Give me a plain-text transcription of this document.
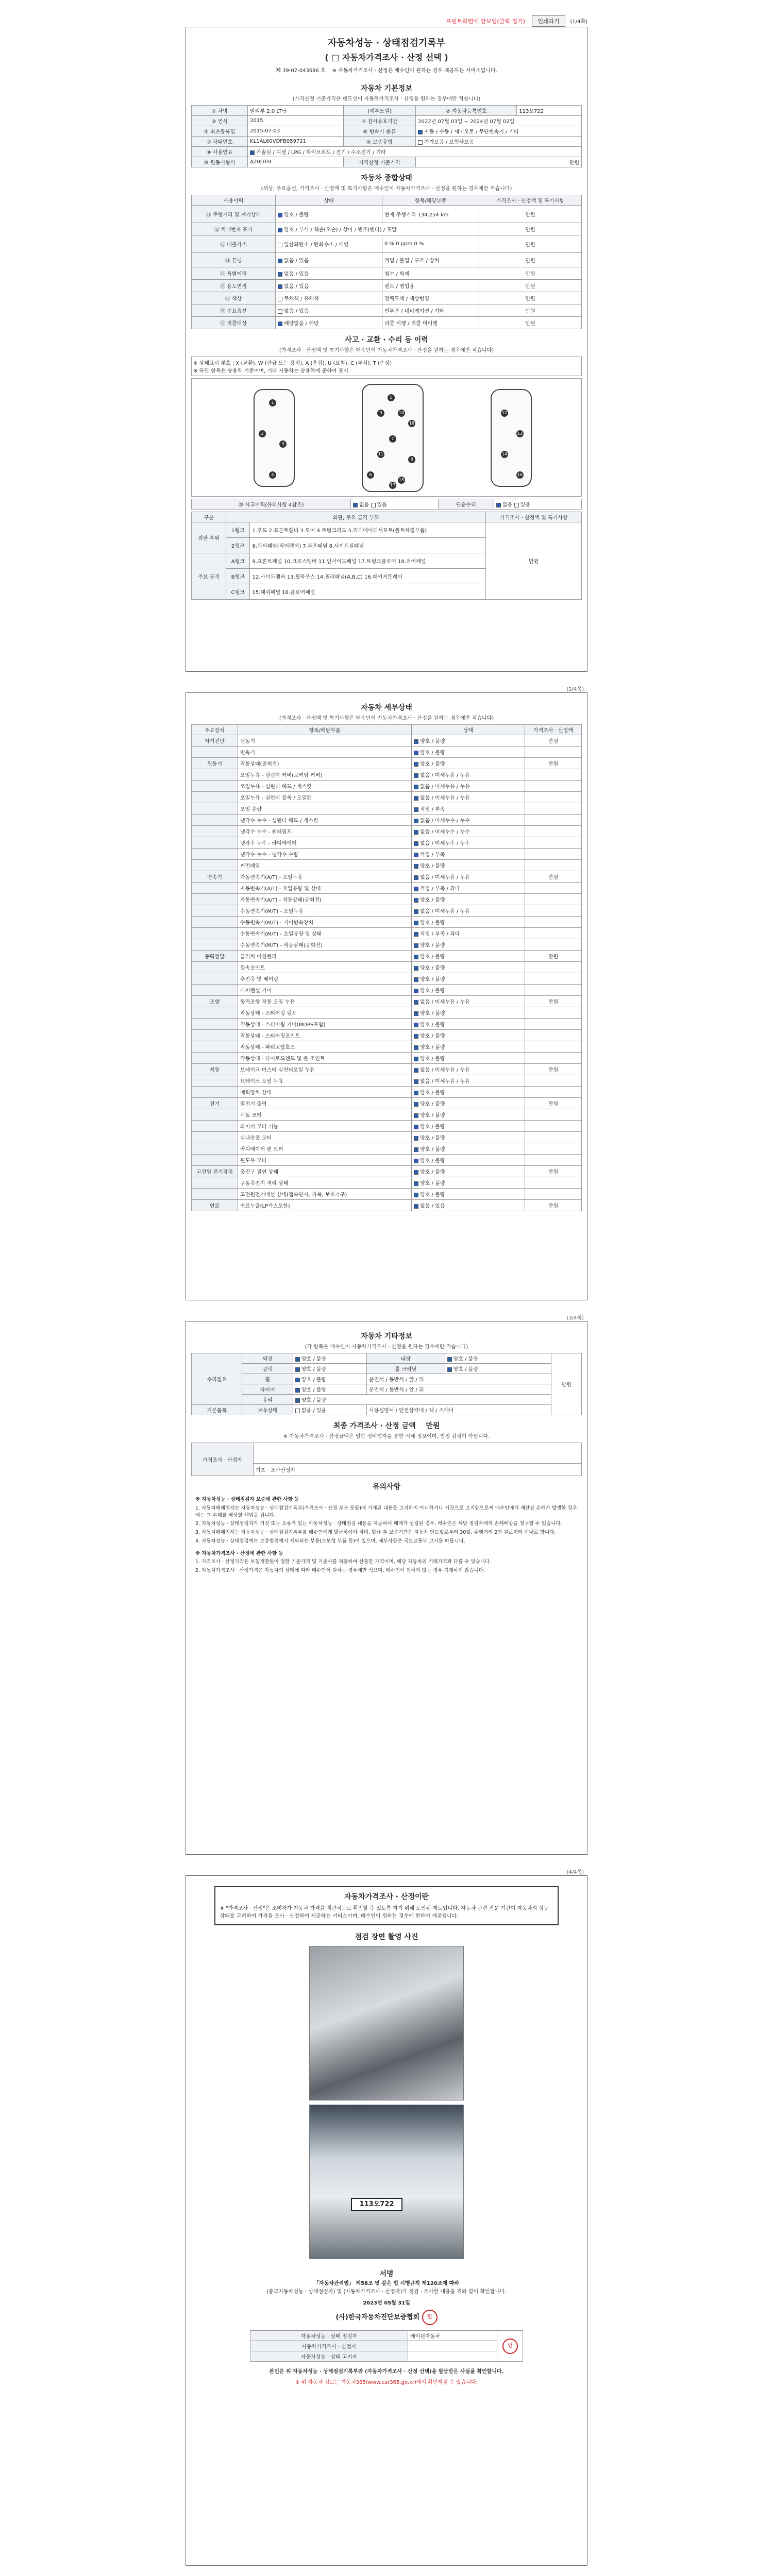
프린트화면에 안보임(클릭 접기) 인쇄하기 (1/4쪽)
자동차성능 · 상태점검기록부
( □ 자동차가격조사 · 산정 선택 )
제 39-07-043686 호 ※ 자동차가격조사 · 산정은 매수인이 원하는 경우 제공하는 서비스입니다.
자동차 기본정보
(가격산정 기준가격은 매도인이 자동차가격조사 · 산정을 원하는 경우에만 적습니다)
① 차명	말리부 2.0 LT급	(세부모델)	② 자동차등록번호	113오722
③ 연식	2015	④ 검사유효기간	2022년 07월 03일 ~ 2024년 07월 02일	
⑤ 최초등록일	2015-07-03	⑥ 변속기 종류	자동 / 수동 / 세미오토 / 무단변속기 / 기타	
⑦ 차대번호	KL1AL60VDFB059721	⑧ 보증유형	자가보증 / 보험사보증	
⑨ 사용연료	가솔린 / 디젤 / LPG / 하이브리드 / 전기 / 수소전기 / 기타			
⑩ 원동기형식	A20DTH	가격산정 기준가격	만원	
자동차 종합상태
(색상, 주요옵션, 가격조사 · 산정액 및 특기사항은 매수인이 자동차가격조사 · 산정을 원하는 경우에만 적습니다)
사용이력	상태	항목/해당부품	가격조사 · 산정액 및 특기사항
⑪ 주행거리 및 계기상태	양호 / 불량	현재 주행거리 134,254 km	만원
⑫ 차대번호 표기	양호 / 부식 / 훼손(오손) / 상이 / 변조(변타) / 도말		만원
⑬ 배출가스	일산화탄소 / 탄화수소 / 매연	0 % 0 ppm 0 %	만원
⑭ 튜닝	없음 / 있음	적법 / 불법 / 구조 / 장치	만원
⑮ 특별이력	없음 / 있음	침수 / 화재	만원
⑯ 용도변경	없음 / 있음	렌트 / 영업용	만원
⑰ 색상	무채색 / 유채색	전체도색 / 색상변경	만원
⑱ 주요옵션	없음 / 있음	썬루프 / 네비게이션 / 기타	만원
⑲ 리콜대상	해당없음 / 해당	리콜 이행 / 리콜 미이행	만원
사고 · 교환 · 수리 등 이력
(가격조사 · 산정액 및 특기사항은 매수인이 자동차가격조사 · 산정을 원하는 경우에만 적습니다)
※ 상태표시 부호 : X (교환), W (판금 또는 용접), A (흠집), U (요철), C (부식), T (손상)
※ 하단 항목은 승용차 기준이며, 기타 자동차는 승용차에 준하여 표시
1
2
3
4
5
6
7
8
9	10
11
12
13
14
15
16
17
18
⑳ 사고이력(유의사항 4참조)	없음 있음	단순수리	없음 있음
구분	외판, 주요 골격 부위		가격조사 · 산정액 및 특기사항
외판 부위	1랭크	1.후드 2.프론트휀더 3.도어 4.트렁크리드 5.라디에이터서포트(볼트체결부품)	만원
	2랭크	6.쿼터패널(리어펜더) 7.루프패널 8.사이드실패널	
주요 골격	A랭크	9.프론트패널 10.크로스멤버 11.인사이드패널 17.트렁크플로어 18.리어패널	
	B랭크	12.사이드멤버 13.휠하우스 14.필러패널(A,B,C) 16.패키지트레이	
	C랭크	15.대쉬패널 16.플로어패널	
(2/4쪽)
자동차 세부상태
(가격조사 · 산정액 및 특기사항은 매수인이 자동차가격조사 · 산정을 원하는 경우에만 적습니다)
주요장치	항목/해당부품	상태	가격조사 · 산정액
자기진단	원동기	양호 / 불량	만원
	변속기	양호 / 불량	
원동기	작동상태(공회전)	양호 / 불량	만원
	오일누유 - 실린더 커버(로커암 커버)	없음 / 미세누유 / 누유	
	오일누유 - 실린더 헤드 / 개스킷	없음 / 미세누유 / 누유	
	오일누유 - 실린더 블록 / 오일팬	없음 / 미세누유 / 누유	
	오일 유량	적정 / 부족	
	냉각수 누수 - 실린더 헤드 / 개스킷	없음 / 미세누수 / 누수	
	냉각수 누수 - 워터펌프	없음 / 미세누수 / 누수	
	냉각수 누수 - 라디에이터	없음 / 미세누수 / 누수	
	냉각수 누수 - 냉각수 수량	적정 / 부족	
	커먼레일	양호 / 불량	
변속기	자동변속기(A/T) - 오일누유	없음 / 미세누유 / 누유	만원
	자동변속기(A/T) - 오일유량 및 상태	적정 / 부족 / 과다	
	자동변속기(A/T) - 작동상태(공회전)	양호 / 불량	
	수동변속기(M/T) - 오일누유	없음 / 미세누유 / 누유	
	수동변속기(M/T) - 기어변속장치	양호 / 불량	
	수동변속기(M/T) - 오일유량 및 상태	적정 / 부족 / 과다	
	수동변속기(M/T) - 작동상태(공회전)	양호 / 불량	
동력전달	클러치 어셈블리	양호 / 불량	만원
	등속조인트	양호 / 불량	
	추진축 및 베어링	양호 / 불량	
	디퍼렌셜 기어	양호 / 불량	
조향	동력조향 작동 오일 누유	없음 / 미세누유 / 누유	만원
	작동상태 - 스티어링 펌프	양호 / 불량	
	작동상태 - 스티어링 기어(MDPS포함)	양호 / 불량	
	작동상태 - 스티어링조인트	양호 / 불량	
	작동상태 - 파워고압호스	양호 / 불량	
	작동상태 - 타이로드엔드 및 볼 조인트	양호 / 불량	
제동	브레이크 마스터 실린더오일 누유	없음 / 미세누유 / 누유	만원
	브레이크 오일 누유	없음 / 미세누유 / 누유	
	배력장치 상태	양호 / 불량	
전기	발전기 출력	양호 / 불량	만원
	시동 모터	양호 / 불량	
	와이퍼 모터 기능	양호 / 불량	
	실내송풍 모터	양호 / 불량	
	라디에이터 팬 모터	양호 / 불량	
	윈도우 모터	양호 / 불량	
고전원 전기장치	충전구 절연 상태	양호 / 불량	만원
	구동축전지 격리 상태	양호 / 불량	
	고전원전기배선 상태(접속단자, 피복, 보호기구)	양호 / 불량	
연료	연료누출(LP가스포함)	없음 / 있음	만원
(3/4쪽)
자동차 기타정보
(각 항목은 매수인이 자동차가격조사 · 산정을 원하는 경우에만 적습니다)
수리필요	외장	양호 / 불량	내장	양호 / 불량	만원
	광택	양호 / 불량	룸 크리닝	양호 / 불량	
	휠	양호 / 불량	운전석 / 동반석 / 앞 / 뒤		
	타이어	양호 / 불량	운전석 / 동반석 / 앞 / 뒤		
	유리	양호 / 불량			
기본품목	보유상태	없음 / 있음	사용설명서 / 안전삼각대 / 잭 / 스패너		
최종 가격조사 · 산정 금액 만원
※ 자동차가격조사 · 산정금액은 일반 정비업자를 통한 시세 정보이며, 법정 감정이 아닙니다.
가격조사 · 산정자	
기초 · 조사산정자
유의사항

※ 자동차성능 · 상태점검자 보증에 관한 사항 등

1. 자동차매매업자는 자동차성능 · 상태점검기록부(가격조사 · 산정 부분 포함)에 기재된 내용을 고지하지 아니하거나 거짓으로 고지함으로써 매수인에게 재산상 손해가 발생한 경우에는 그 손해를 배상할 책임을 집니다.

2. 자동차성능 · 상태점검자가 거짓 또는 오류가 있는 자동차성능 · 상태점검 내용을 제공하여 매매가 성립된 경우, 매수인은 해당 점검자에게 손해배상을 청구할 수 있습니다.

3. 자동차매매업자는 자동차성능 · 상태점검기록부를 매수인에게 발급하여야 하며, 발급 후 보증기간은 자동차 인도일로부터 30일, 주행거리 2천 킬로미터 이내로 합니다.

4. 자동차성능 · 상태점검에는 보증범위에서 제외되는 부품(소모성 부품 등)이 있으며, 세부사항은 국토교통부 고시를 따릅니다.

※ 자동차가격조사 · 산정에 관한 사항 등

1. 가격조사 · 산정가격은 보험개발원이 정한 기준가격 및 기준서를 적용하여 산출한 가격이며, 해당 자동차의 거래가격과 다를 수 있습니다.

2. 자동차가격조사 · 산정가격은 자동차의 상태에 따라 매수인이 원하는 경우에만 적으며, 매수인이 원하지 않는 경우 기재하지 않습니다.

(4/4쪽)
자동차가격조사 · 산정이란
※ "가격조사 · 산정"은 소비자가 자동차 가격을 객관적으로 확인할 수 있도록 하기 위해 도입된 제도입니다. 자동차 관련 전문 기관이 자동차의 성능 상태를 고려하여 가격을 조사 · 산정하여 제공하는 서비스이며, 매수인이 원하는 경우에 한하여 제공됩니다.
점검 장면 촬영 사진
113오722
서명
「자동차관리법」 제58조 및 같은 법 시행규칙 제120조에 따라
(중고자동차성능 · 상태점검자) 및 (자동차가격조사 · 산정자)가 점검 · 조사한 내용을 위와 같이 확인합니다.
2023년 05월 31일
(사)한국자동차진단보증협회 인
자동차성능 · 상태 점검자	에이원자동차	인
자동차가격조사 · 산정자		
자동차성능 · 상태 고지자		
본인은 위 자동차성능 · 상태점검기록부와 (자동차가격조사 · 산정 선택)을 발급받은 사실을 확인합니다.
※ 위 자동차 정보는 자동차365(www.car365.go.kr)에서 확인하실 수 있습니다.
